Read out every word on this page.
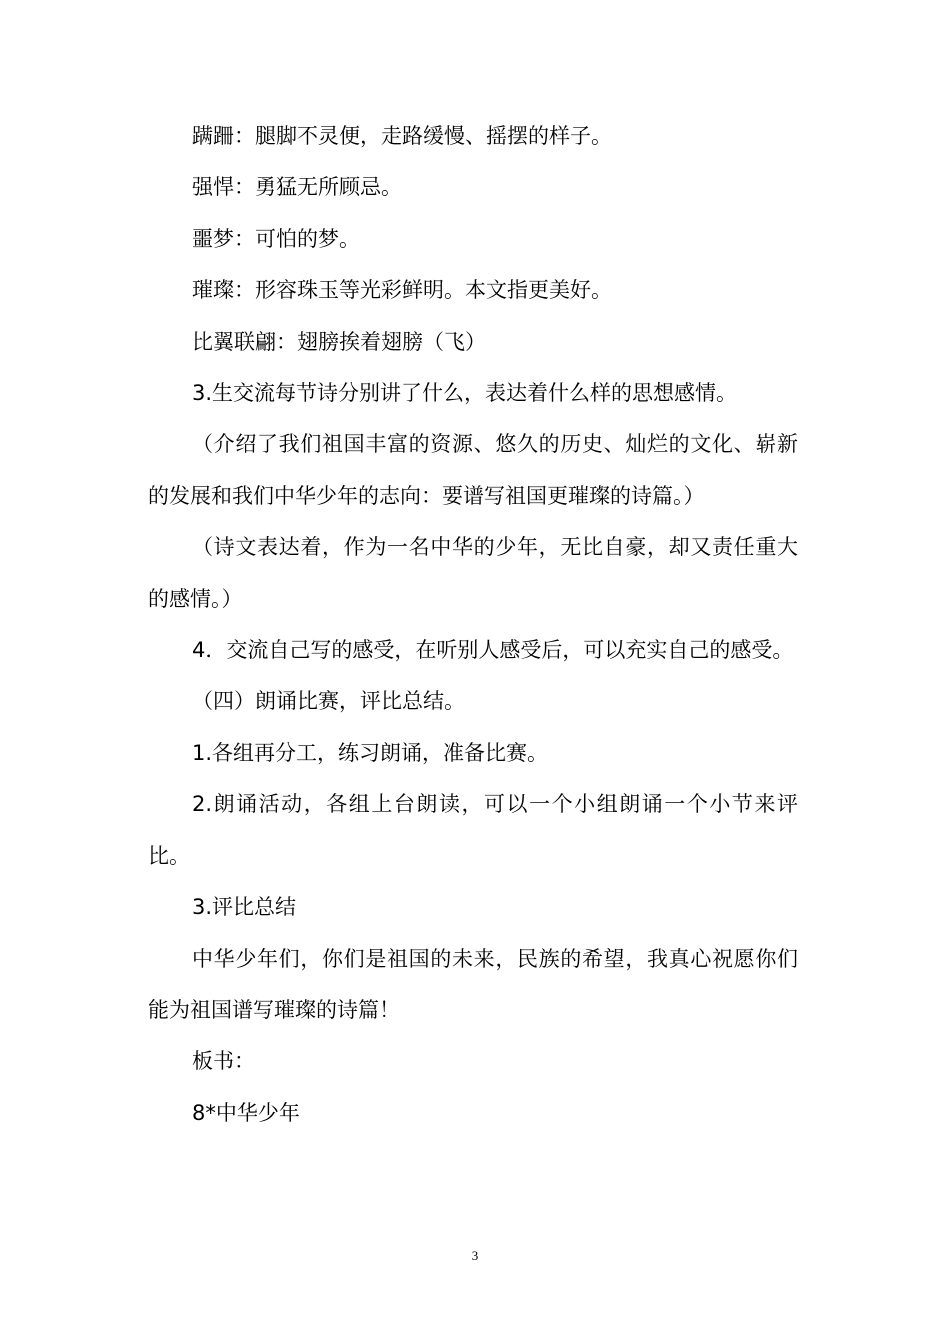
蹒跚：腿脚不灵便，走路缓慢、摇摆的样子。

强悍：勇猛无所顾忌。

噩梦：可怕的梦。

璀璨：形容珠玉等光彩鲜明。本文指更美好。

比翼联翩：翅膀挨着翅膀（飞）

3.生交流每节诗分别讲了什么，表达着什么样的思想感情。

（介绍了我们祖国丰富的资源、悠久的历史、灿烂的文化、崭新的发展和我们中华少年的志向：要谱写祖国更璀璨的诗篇。）

（诗文表达着，作为一名中华的少年，无比自豪，却又责任重大的感情。）

4．交流自己写的感受，在听别人感受后，可以充实自己的感受。

（四）朗诵比赛，评比总结。

1.各组再分工，练习朗诵，准备比赛。

2.朗诵活动，各组上台朗读，可以一个小组朗诵一个小节来评比。

3.评比总结

中华少年们，你们是祖国的未来，民族的希望，我真心祝愿你们能为祖国谱写璀璨的诗篇！

板书：

8*中华少年

3
